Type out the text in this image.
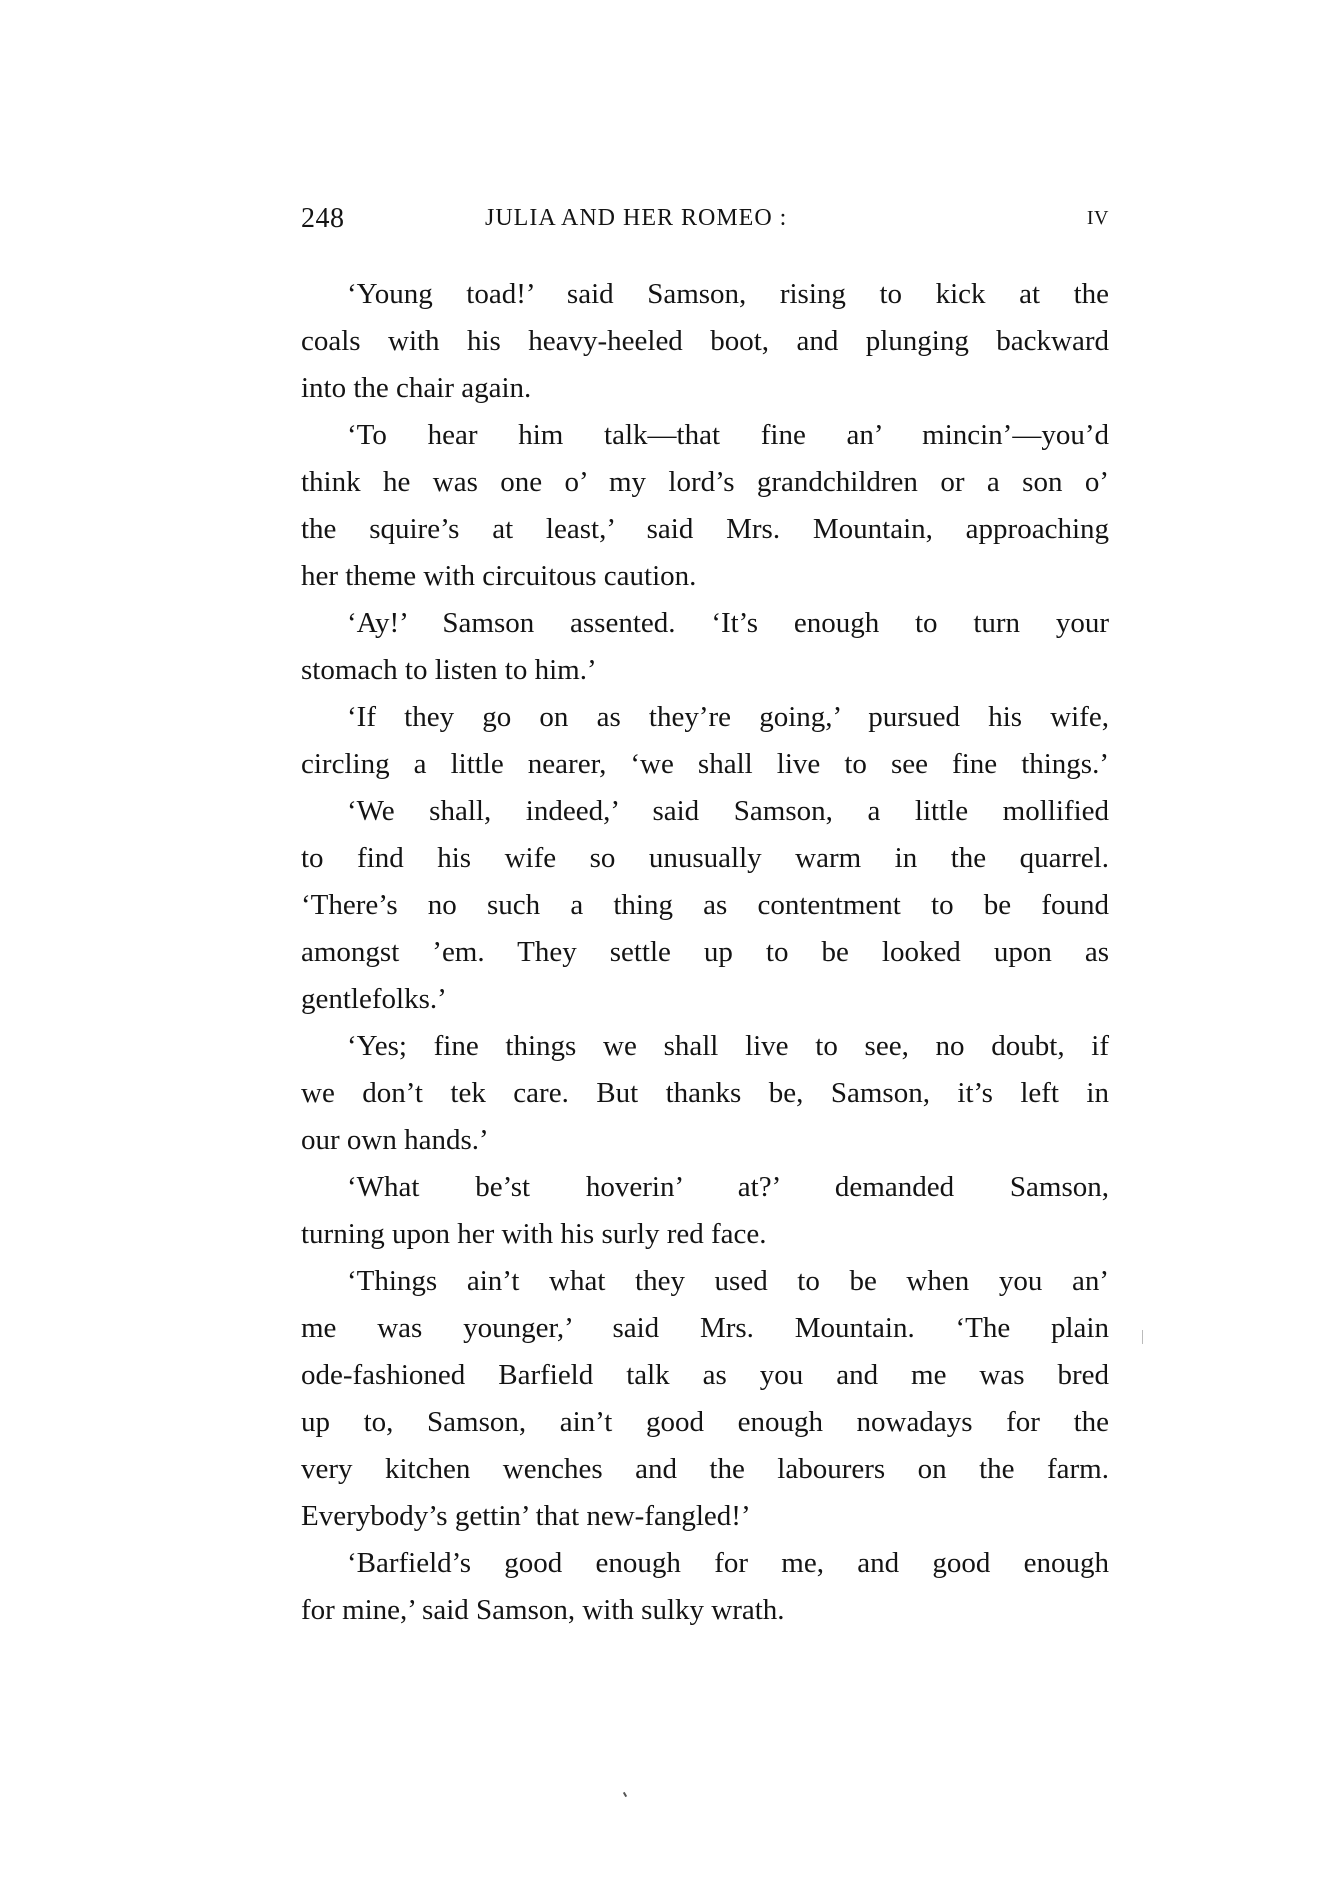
248	JULIA AND HER ROMEO :	IV
‘Young toad!’ said Samson, rising to kick at the
coals with his heavy-heeled boot, and plunging backward
into the chair again.
‘To hear him talk—that fine an’ mincin’—you’d
think he was one o’ my lord’s grandchildren or a son o’
the squire’s at least,’ said Mrs. Mountain, approaching
her theme with circuitous caution.
‘Ay!’ Samson assented. ‘It’s enough to turn your
stomach to listen to him.’
‘If they go on as they’re going,’ pursued his wife,
circling a little nearer, ‘we shall live to see fine things.’
‘We shall, indeed,’ said Samson, a little mollified
to find his wife so unusually warm in the quarrel.
‘There’s no such a thing as contentment to be found
amongst ’em. They settle up to be looked upon as
gentlefolks.’
‘Yes; fine things we shall live to see, no doubt, if
we don’t tek care. But thanks be, Samson, it’s left in
our own hands.’
‘What be’st hoverin’ at?’ demanded Samson,
turning upon her with his surly red face.
‘Things ain’t what they used to be when you an’
me was younger,’ said Mrs. Mountain. ‘The plain
ode-fashioned Barfield talk as you and me was bred
up to, Samson, ain’t good enough nowadays for the
very kitchen wenches and the labourers on the farm.
Everybody’s gettin’ that new-fangled!’
‘Barfield’s good enough for me, and good enough
for mine,’ said Samson, with sulky wrath.
